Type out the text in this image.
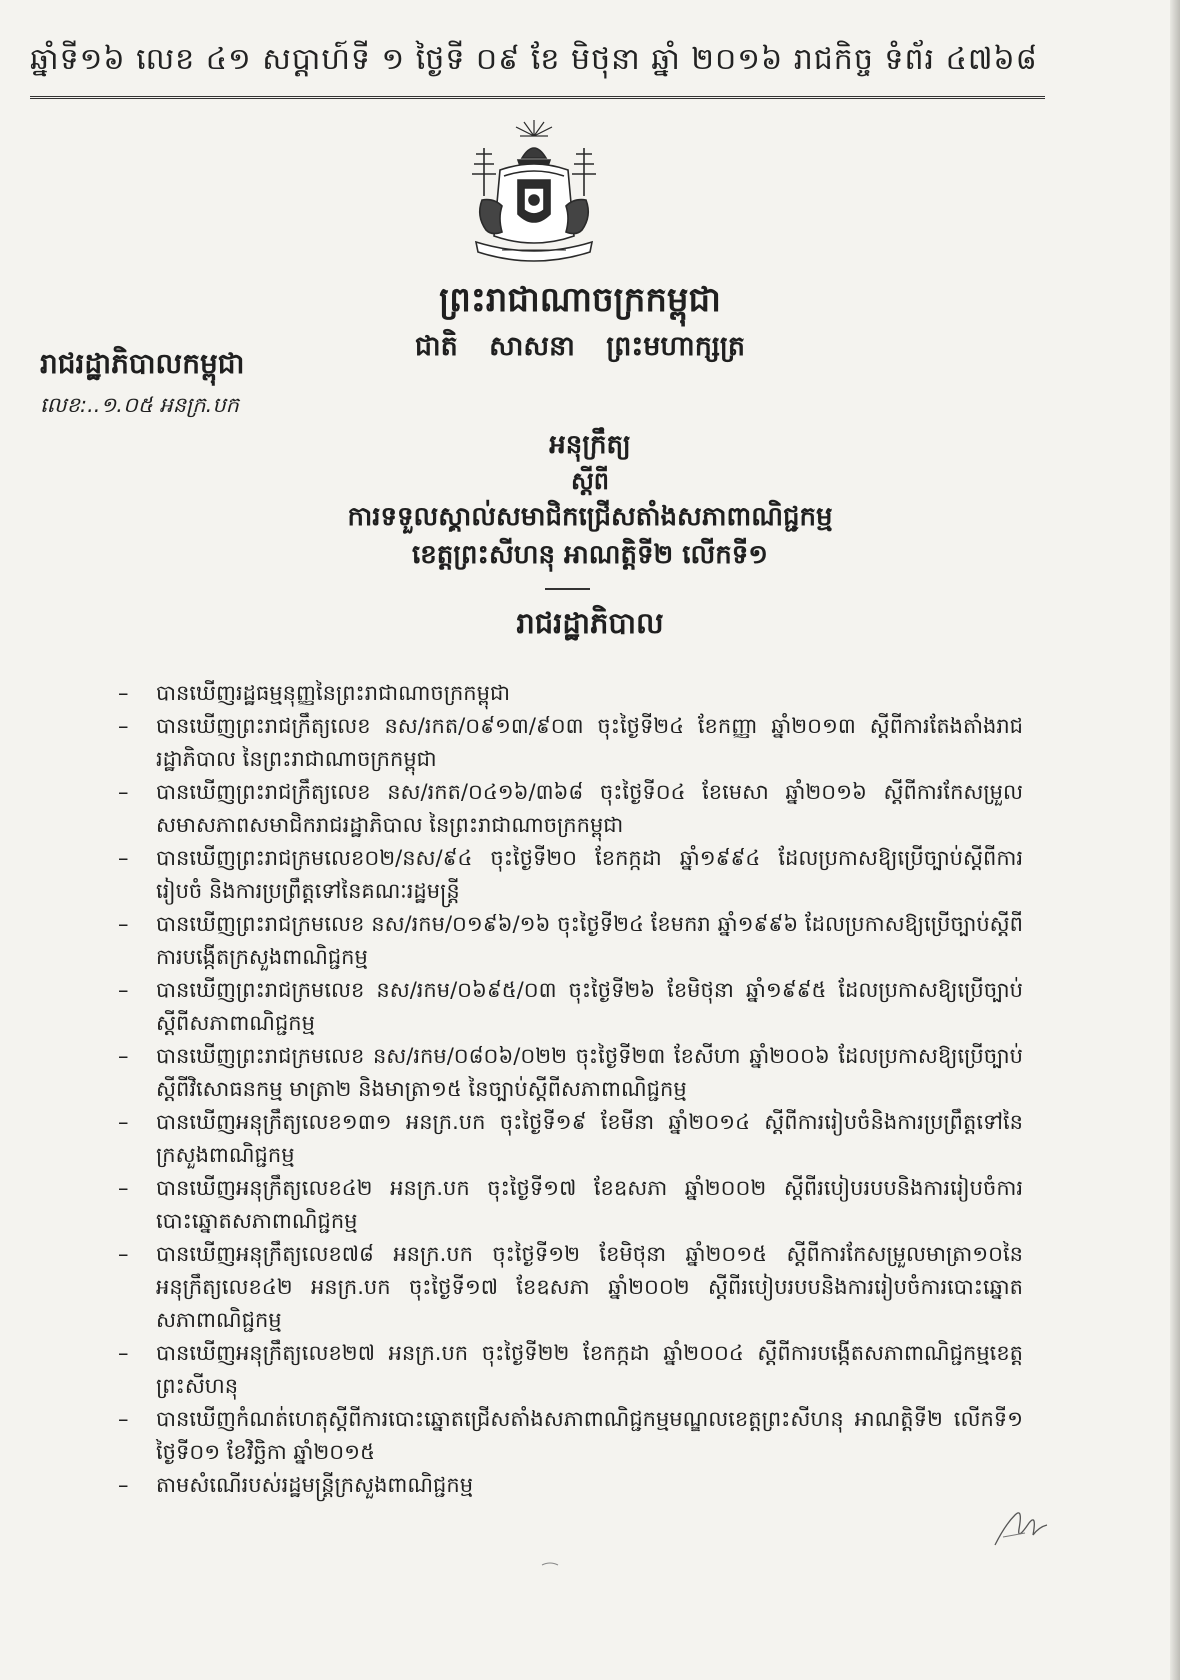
ឆ្នាំទី១៦ លេខ ៤១ សប្តាហ៍ទី ១ ថ្ងៃទី ០៩ ខែ មិថុនា ឆ្នាំ ២០១៦ រាជកិច្ច ទំព័រ ៤៧៦៨
ព្រះរាជាណាចក្រកម្ពុជា
ជាតិ សាសនា ព្រះមហាក្សត្រ
រាជរដ្ឋាភិបាលកម្ពុជា
លេខ:..១.០៥ អនក្រ.បក
អនុក្រឹត្យ
ស្តីពី
ការទទួលស្គាល់សមាជិកជ្រើសតាំងសភាពាណិជ្ជកម្ម
ខេត្តព្រះសីហនុ អាណត្តិទី២ លើកទី១
រាជរដ្ឋាភិបាល
–	បានឃើញរដ្ឋធម្មនុញ្ញនៃព្រះរាជាណាចក្រកម្ពុជា
–	បានឃើញព្រះរាជក្រឹត្យលេខ នស/រកត/០៩១៣/៩០៣ ចុះថ្ងៃទី២៤ ខែកញ្ញា ឆ្នាំ២០១៣ ស្តីពីការតែងតាំងរាជរដ្ឋាភិបាល នៃព្រះរាជាណាចក្រកម្ពុជា
–	បានឃើញព្រះរាជក្រឹត្យលេខ នស/រកត/០៤១៦/៣៦៨ ចុះថ្ងៃទី០៤ ខែមេសា ឆ្នាំ២០១៦ ស្តីពីការកែសម្រួលសមាសភាពសមាជិករាជរដ្ឋាភិបាល នៃព្រះរាជាណាចក្រកម្ពុជា
–	បានឃើញព្រះរាជក្រមលេខ០២/នស/៩៤ ចុះថ្ងៃទី២០ ខែកក្កដា ឆ្នាំ១៩៩៤ ដែលប្រកាសឱ្យប្រើច្បាប់ស្តីពីការរៀបចំ និងការប្រព្រឹត្តទៅនៃគណៈរដ្ឋមន្ត្រី
–	បានឃើញព្រះរាជក្រមលេខ នស/រកម/០១៩៦/១៦ ចុះថ្ងៃទី២៤ ខែមករា ឆ្នាំ១៩៩៦ ដែលប្រកាសឱ្យប្រើច្បាប់ស្តីពីការបង្កើតក្រសួងពាណិជ្ជកម្ម
–	បានឃើញព្រះរាជក្រមលេខ នស/រកម/០៦៩៥/០៣ ចុះថ្ងៃទី២៦ ខែមិថុនា ឆ្នាំ១៩៩៥ ដែលប្រកាសឱ្យប្រើច្បាប់ស្តីពីសភាពាណិជ្ជកម្ម
–	បានឃើញព្រះរាជក្រមលេខ នស/រកម/០៨០៦/០២២ ចុះថ្ងៃទី២៣ ខែសីហា ឆ្នាំ២០០៦ ដែលប្រកាសឱ្យប្រើច្បាប់ស្តីពីវិសោធនកម្ម មាត្រា២ និងមាត្រា១៥ នៃច្បាប់ស្តីពីសភាពាណិជ្ជកម្ម
–	បានឃើញអនុក្រឹត្យលេខ១៣១ អនក្រ.បក ចុះថ្ងៃទី១៩ ខែមីនា ឆ្នាំ២០១៤ ស្តីពីការរៀបចំនិងការប្រព្រឹត្តទៅនៃក្រសួងពាណិជ្ជកម្ម
–	បានឃើញអនុក្រឹត្យលេខ៤២ អនក្រ.បក ចុះថ្ងៃទី១៧ ខែឧសភា ឆ្នាំ២០០២ ស្តីពីរបៀបរបបនិងការរៀបចំការបោះឆ្នោតសភាពាណិជ្ជកម្ម
–	បានឃើញអនុក្រឹត្យលេខ៧៨ អនក្រ.បក ចុះថ្ងៃទី១២ ខែមិថុនា ឆ្នាំ២០១៥ ស្តីពីការកែសម្រួលមាត្រា១០នៃអនុក្រឹត្យលេខ៤២ អនក្រ.បក ចុះថ្ងៃទី១៧ ខែឧសភា ឆ្នាំ២០០២ ស្តីពីរបៀបរបបនិងការរៀបចំការបោះឆ្នោតសភាពាណិជ្ជកម្ម
–	បានឃើញអនុក្រឹត្យលេខ២៧ អនក្រ.បក ចុះថ្ងៃទី២២ ខែកក្កដា ឆ្នាំ២០០៤ ស្តីពីការបង្កើតសភាពាណិជ្ជកម្មខេត្តព្រះសីហនុ
–	បានឃើញកំណត់ហេតុស្តីពីការបោះឆ្នោតជ្រើសតាំងសភាពាណិជ្ជកម្មមណ្ឌលខេត្តព្រះសីហនុ អាណត្តិទី២ លើកទី១ ថ្ងៃទី០១ ខែវិច្ឆិកា ឆ្នាំ២០១៥
–	តាមសំណើរបស់រដ្ឋមន្ត្រីក្រសួងពាណិជ្ជកម្ម
